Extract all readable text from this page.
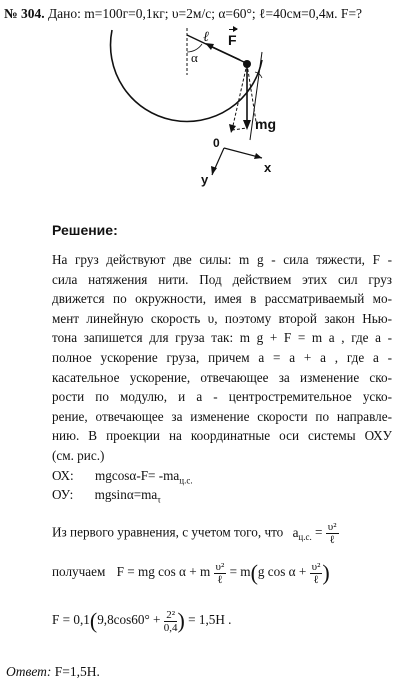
№ 304. Дано: m=100г=0,1кг; υ=2м/с; α=60°; ℓ=40см=0,4м. F=?
ℓ F
α
mg
0
x
y
Решение:

На груз действуют две силы: m g - сила тяжести, F -

сила натяжения нити. Под действием этих сил груз

движется по окружности, имея в рассматриваемый мо-

мент линейную скорость υ, поэтому второй закон Нью-

тона запишется для груза так: m g + F = m a , где a -

полное ускорение груза, причем a = a + a , где a -

касательное ускорение, отвечающее за изменение ско-

рости по модулю, и a - центростремительное уско-

рение, отвечающее за изменение скорости по направле-

нию. В проекции на координатные оси системы ОХУ

(см. рис.)

ОХ: $mgcos\alpha-F= -ma_{ц.с.}$
ОУ: $mgsin\alpha=ma_\tau$
Из первого уравнения, с учетом того, что $a_{ц.с.} = \frac{\text{υ²}}{\text{ℓ}}$
получаем F = mg cos α + m $\frac{\text{υ²}}{\text{ℓ}} = m(g$ $\cos \alpha + \frac{\text{υ²}}{\text{ℓ}}$ )
$F = 0,1(9,8\cos 60^\circ + \frac{\text{2²}}{0,4}$ ) = 1,5Н .
Ответ: F=1,5Н.
